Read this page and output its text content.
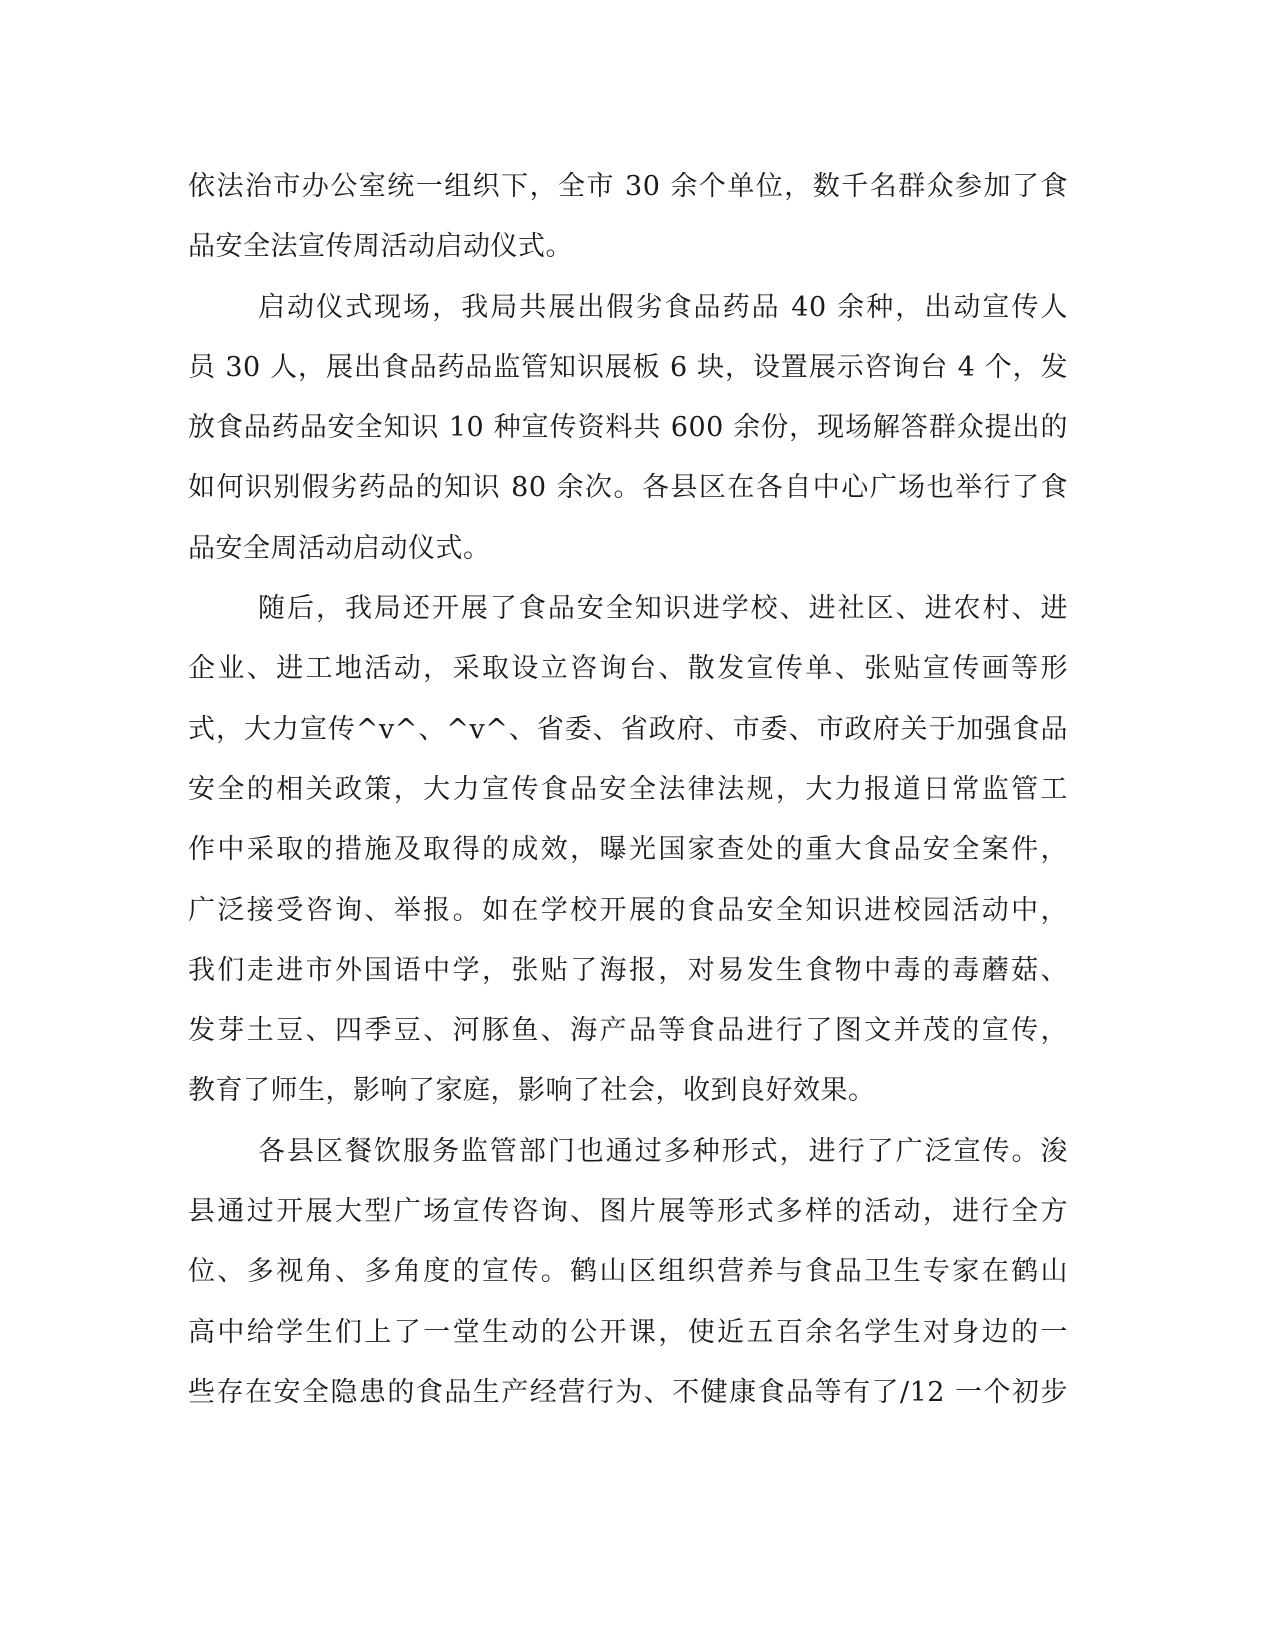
依法治市办公室统一组织下，全市 30 余个单位，数千名群众参加了食
品安全法宣传周活动启动仪式。
启动仪式现场，我局共展出假劣食品药品 40 余种，出动宣传人
员 30 人，展出食品药品监管知识展板 6 块，设置展示咨询台 4 个，发
放食品药品安全知识 10 种宣传资料共 600 余份，现场解答群众提出的
如何识别假劣药品的知识 80 余次。各县区在各自中心广场也举行了食
品安全周活动启动仪式。
随后，我局还开展了食品安全知识进学校、进社区、进农村、进
企业、进工地活动，采取设立咨询台、散发宣传单、张贴宣传画等形
式，大力宣传^v^、^v^、省委、省政府、市委、市政府关于加强食品
安全的相关政策，大力宣传食品安全法律法规，大力报道日常监管工
作中采取的措施及取得的成效，曝光国家查处的重大食品安全案件，
广泛接受咨询、举报。如在学校开展的食品安全知识进校园活动中，
我们走进市外国语中学，张贴了海报，对易发生食物中毒的毒蘑菇、
发芽土豆、四季豆、河豚鱼、海产品等食品进行了图文并茂的宣传，
教育了师生，影响了家庭，影响了社会，收到良好效果。
各县区餐饮服务监管部门也通过多种形式，进行了广泛宣传。浚
县通过开展大型广场宣传咨询、图片展等形式多样的活动，进行全方
位、多视角、多角度的宣传。鹤山区组织营养与食品卫生专家在鹤山
高中给学生们上了一堂生动的公开课，使近五百余名学生对身边的一
些存在安全隐患的食品生产经营行为、不健康食品等有了/12 一个初步
